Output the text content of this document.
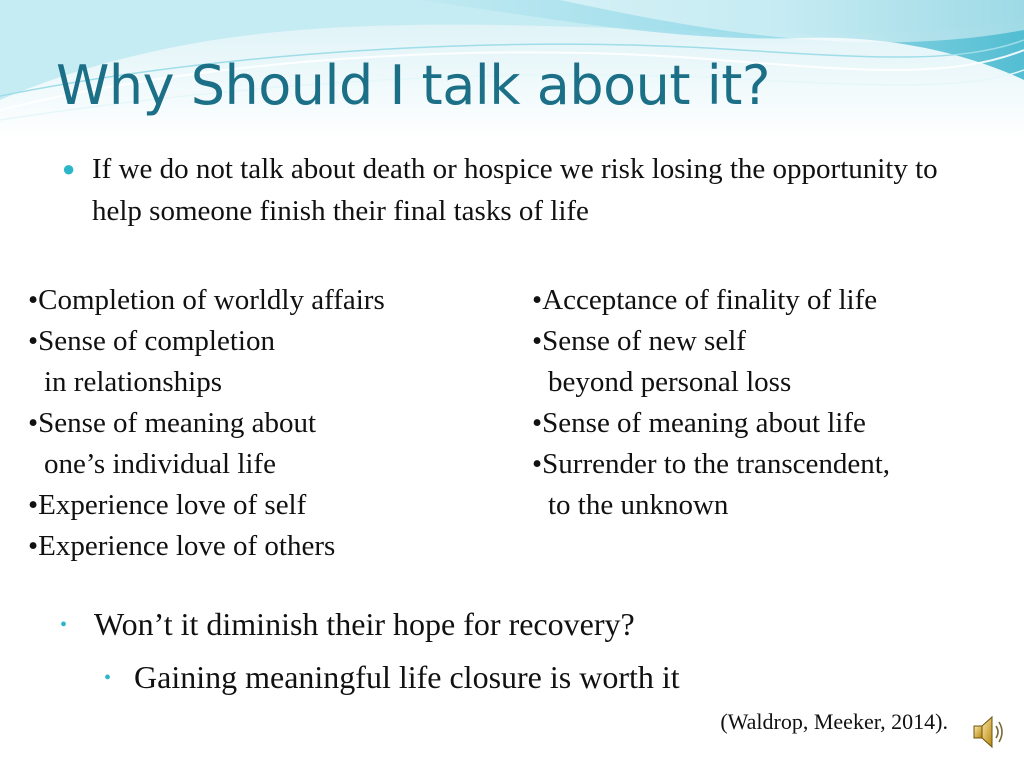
Why Should I talk about it?
● If we do not talk about death or hospice we risk losing the opportunity to help someone finish their final tasks of life
•Completion of worldly affairs
•Sense of completion
in relationships
•Sense of meaning about
one’s individual life
•Experience love of self
•Experience love of others
•Acceptance of finality of life
•Sense of new self
beyond personal loss
•Sense of meaning about life
•Surrender to the transcendent,
to the unknown
• Won’t it diminish their hope for recovery?
• Gaining meaningful life closure is worth it
(Waldrop, Meeker, 2014).
